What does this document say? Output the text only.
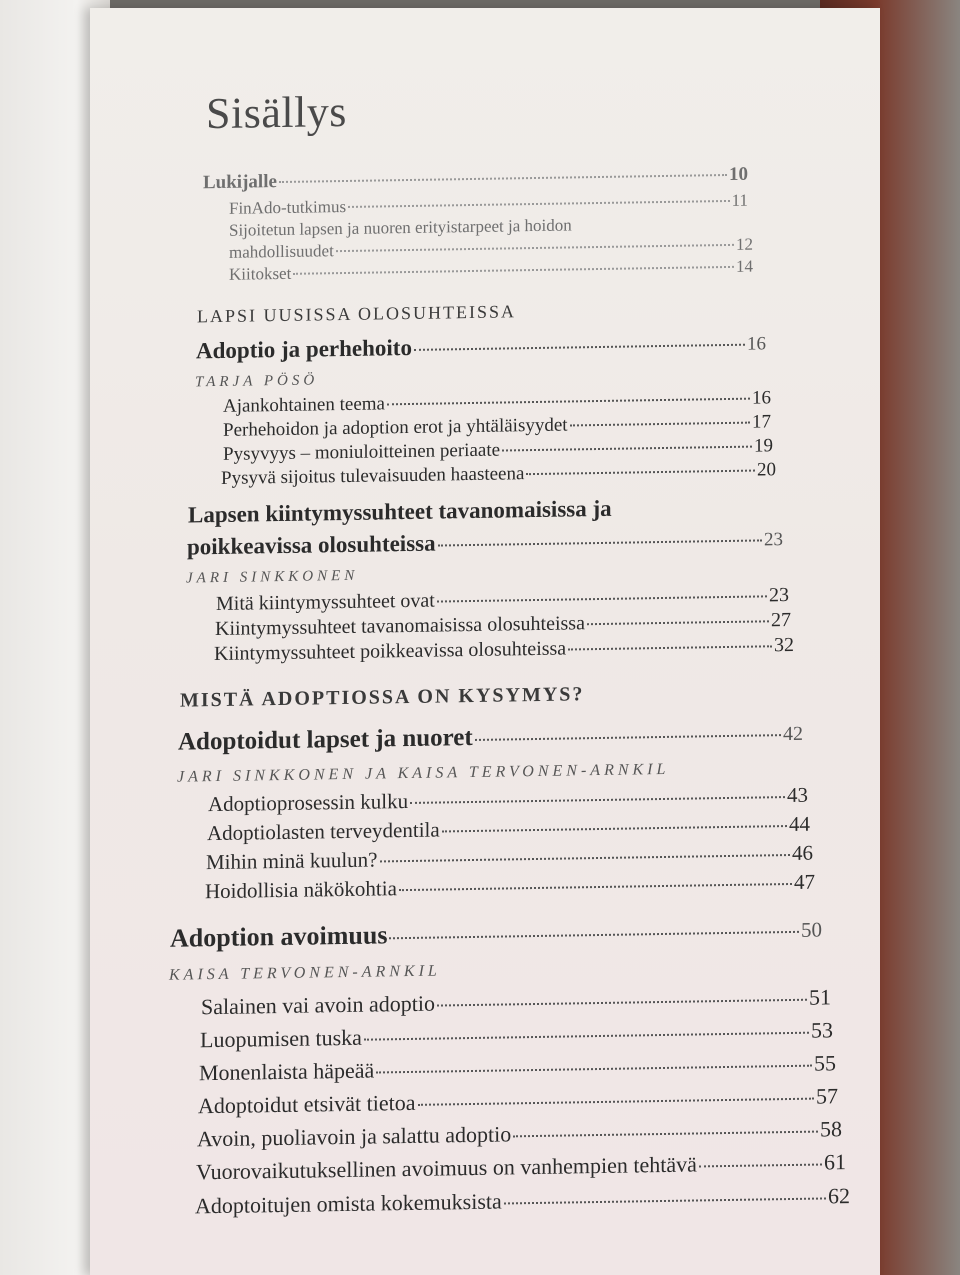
Sisällys
Lukijalle	10
FinAdo-tutkimus	11
Sijoitetun lapsen ja nuoren erityistarpeet ja hoidon
mahdollisuudet	12
Kiitokset	14
LAPSI UUSISSA OLOSUHTEISSA
Adoptio ja perhehoito	16
TARJA PÖSÖ
Ajankohtainen teema	16
Perhehoidon ja adoption erot ja yhtäläisyydet	17
Pysyvyys – moniuloitteinen periaate	19
Pysyvä sijoitus tulevaisuuden haasteena	20
Lapsen kiintymyssuhteet tavanomaisissa ja
poikkeavissa olosuhteissa	23
JARI SINKKONEN
Mitä kiintymyssuhteet ovat	23
Kiintymyssuhteet tavanomaisissa olosuhteissa	27
Kiintymyssuhteet poikkeavissa olosuhteissa	32
MISTÄ ADOPTIOSSA ON KYSYMYS?
Adoptoidut lapset ja nuoret	42
JARI SINKKONEN JA KAISA TERVONEN-ARNKIL
Adoptioprosessin kulku	43
Adoptiolasten terveydentila	44
Mihin minä kuulun?	46
Hoidollisia näkökohtia	47
Adoption avoimuus	50
KAISA TERVONEN-ARNKIL
Salainen vai avoin adoptio	51
Luopumisen tuska	53
Monenlaista häpeää	55
Adoptoidut etsivät tietoa	57
Avoin, puoliavoin ja salattu adoptio	58
Vuorovaikutuksellinen avoimuus on vanhempien tehtävä	61
Adoptoitujen omista kokemuksista	62
